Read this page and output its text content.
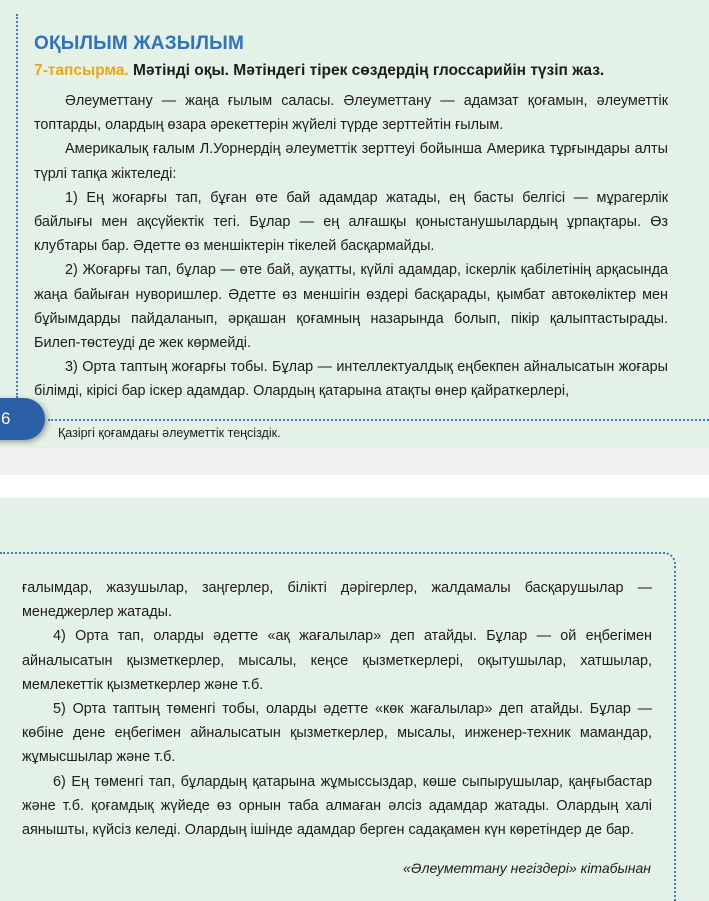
ОҚЫЛЫМ ЖАЗЫЛЫМ

7-тапсырма. Мәтінді оқы. Мәтіндегі тірек сөздердің глоссарийін түзіп жаз.

Әлеуметтану — жаңа ғылым саласы. Әлеуметтану — адамзат қоғамын, әлеуметтік топтарды, олардың өзара әрекеттерін жүйелі түрде зерттейтін ғылым.

Америкалық ғалым Л.Уорнердің әлеуметтік зерттеуі бойынша Америка тұрғындары алты түрлі тапқа жіктеледі:

1) Ең жоғарғы тап, бұған өте бай адамдар жатады, ең басты белгісі — мұрагерлік байлығы мен ақсүйектік тегі. Бұлар — ең алғашқы қоныстанушылардың ұрпақтары. Өз клубтары бар. Әдетте өз меншіктерін тікелей басқармайды.

2) Жоғарғы тап, бұлар — өте бай, ауқатты, күйлі адамдар, іскерлік қабілетінің арқасында жаңа байыған нуворишлер. Әдетте өз меншігін өздері басқарады, қымбат автокөліктер мен бұйымдарды пайдаланып, әрқашан қоғамның назарында болып, пікір қалыптастырады. Билеп-төстеуді де жек көрмейді.

3) Орта таптың жоғарғы тобы. Бұлар — интеллектуалдық еңбекпен айналысатын жоғары білімді, кірісі бар іскер адамдар. Олардың қатарына атақты өнер қайраткерлері,

6

Қазіргі қоғамдағы әлеуметтік теңсіздік.

ғалымдар, жазушылар, заңгерлер, білікті дәрігерлер, жалдамалы басқарушылар — менеджерлер жатады.

4) Орта тап, оларды әдетте «ақ жағалылар» деп атайды. Бұлар — ой еңбегімен айналысатын қызметкерлер, мысалы, кеңсе қызметкерлері, оқытушылар, хатшылар, мемлекеттік қызметкерлер және т.б.

5) Орта таптың төменгі тобы, оларды әдетте «көк жағалылар» деп атайды. Бұлар — көбіне дене еңбегімен айналысатын қызметкерлер, мысалы, инженер-техник мамандар, жұмысшылар және т.б.

6) Ең төменгі тап, бұлардың қатарына жұмыссыздар, көше сыпырушылар, қаңғыбастар және т.б. қоғамдық жүйеде өз орнын таба алмаған әлсіз адамдар жатады. Олардың халі аянышты, күйсіз келеді. Олардың ішінде адамдар берген садақамен күн көретіндер де бар.

«Әлеуметтану негіздері» кітабынан
